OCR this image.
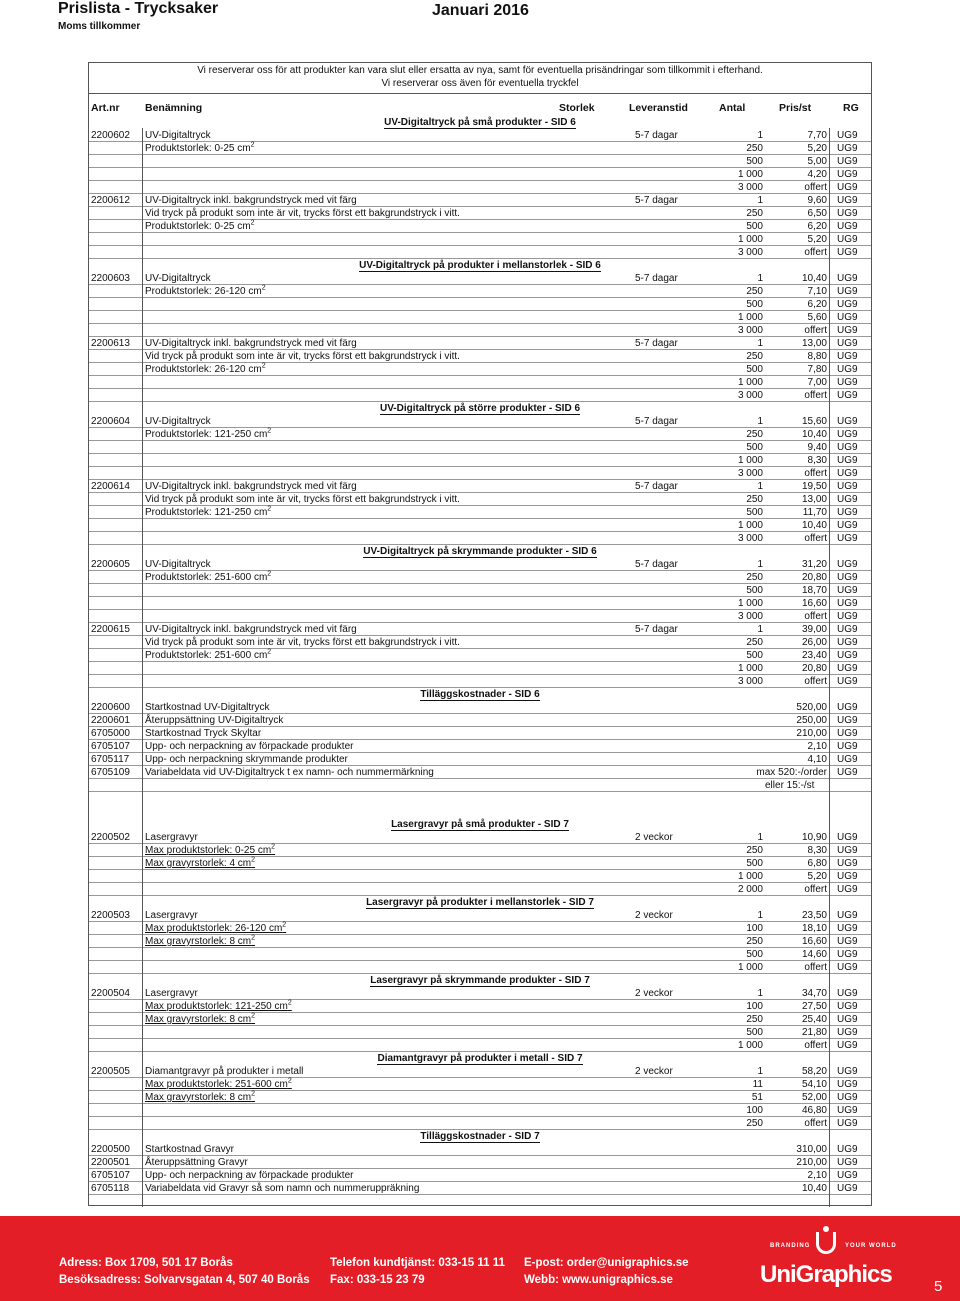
Prislista - Trycksaker
Moms tillkommer
Januari 2016
Vi reserverar oss för att produkter kan vara slut eller ersatta av nya, samt för eventuella prisändringar som tillkommit i efterhand.
Vi reserverar oss även för eventuella tryckfel
Art.nr Benämning	Storlek	Leveranstid	Antal	Pris/st	RG
UV-Digitaltryck på små produkter - SID 6
2200602 UV-Digitaltryck	5-7 dagar	1	7,70 UG9
Produktstorlek: 0-25 $cm^2$	250	5,20 UG9
500	5,00 UG9
1 000	4,20 UG9
3 000	offert UG9
2200612 UV-Digitaltryck inkl. bakgrundstryck med vit färg	5-7 dagar	1	9,60 UG9
Vid tryck på produkt som inte är vit, trycks först ett bakgrundstryck i vitt.	250	6,50 UG9
Produktstorlek: 0-25 $cm^2$	500	6,20 UG9
1 000	5,20 UG9
3 000	offert UG9
UV-Digitaltryck på produkter i mellanstorlek - SID 6
2200603 UV-Digitaltryck	5-7 dagar	1	10,40 UG9
Produktstorlek: 26-120 $cm^2$	250	7,10 UG9
500	6,20 UG9
1 000	5,60 UG9
3 000	offert UG9
2200613 UV-Digitaltryck inkl. bakgrundstryck med vit färg	5-7 dagar	1	13,00 UG9
Vid tryck på produkt som inte är vit, trycks först ett bakgrundstryck i vitt.	250	8,80 UG9
Produktstorlek: 26-120 $cm^2$	500	7,80 UG9
1 000	7,00 UG9
3 000	offert UG9
UV-Digitaltryck på större produkter - SID 6
2200604 UV-Digitaltryck	5-7 dagar	1	15,60 UG9
Produktstorlek: 121-250 $cm^2$	250	10,40 UG9
500	9,40 UG9
1 000	8,30 UG9
3 000	offert UG9
2200614 UV-Digitaltryck inkl. bakgrundstryck med vit färg	5-7 dagar	1	19,50 UG9
Vid tryck på produkt som inte är vit, trycks först ett bakgrundstryck i vitt.	250	13,00 UG9
Produktstorlek: 121-250 $cm^2$	500	11,70 UG9
1 000	10,40 UG9
3 000	offert UG9
UV-Digitaltryck på skrymmande produkter - SID 6
2200605 UV-Digitaltryck	5-7 dagar	1	31,20 UG9
Produktstorlek: 251-600 $cm^2$	250	20,80 UG9
500	18,70 UG9
1 000	16,60 UG9
3 000	offert UG9
2200615 UV-Digitaltryck inkl. bakgrundstryck med vit färg	5-7 dagar	1	39,00 UG9
Vid tryck på produkt som inte är vit, trycks först ett bakgrundstryck i vitt.	250	26,00 UG9
Produktstorlek: 251-600 $cm^2$	500	23,40 UG9
1 000	20,80 UG9
3 000	offert UG9
Tilläggskostnader - SID 6
2200600 Startkostnad UV-Digitaltryck	520,00 UG9
2200601 Återuppsättning UV-Digitaltryck	250,00 UG9
6705000 Startkostnad Tryck Skyltar	210,00 UG9
6705107 Upp- och nerpackning av förpackade produkter	2,10 UG9
6705117 Upp- och nerpackning skrymmande produkter	4,10 UG9
6705109 Variabeldata vid UV-Digitaltryck t ex namn- och nummermärkning	max 520:-/order UG9
eller 15:-/st
Lasergravyr på små produkter - SID 7
2200502 Lasergravyr	2 veckor	1	10,90 UG9
Max produktstorlek: 0-25 $cm^2$	250	8,30 UG9
Max gravyrstorlek: 4 $cm^2$	500	6,80 UG9
1 000	5,20 UG9
2 000	offert UG9
Lasergravyr på produkter i mellanstorlek - SID 7
2200503 Lasergravyr	2 veckor	1	23,50 UG9
Max produktstorlek: 26-120 $cm^2$	100	18,10 UG9
Max gravyrstorlek: 8 $cm^2$	250	16,60 UG9
500	14,60 UG9
1 000	offert UG9
Lasergravyr på skrymmande produkter - SID 7
2200504 Lasergravyr	2 veckor	1	34,70 UG9
Max produktstorlek: 121-250 $cm^2$	100	27,50 UG9
Max gravyrstorlek: 8 $cm^2$	250	25,40 UG9
500	21,80 UG9
1 000	offert UG9
Diamantgravyr på produkter i metall - SID 7
2200505 Diamantgravyr på produkter i metall	2 veckor	1	58,20 UG9
Max produktstorlek: 251-600 $cm^2$	11	54,10 UG9
Max gravyrstorlek: 8 $cm^2$	51	52,00 UG9
100	46,80 UG9
250	offert UG9
Tilläggskostnader - SID 7
2200500 Startkostnad Gravyr	310,00 UG9
2200501 Återuppsättning Gravyr	210,00 UG9
6705107 Upp- och nerpackning av förpackade produkter	2,10 UG9
6705118 Variabeldata vid Gravyr så som namn och nummeruppräkning	10,40 UG9
Adress: Box 1709, 501 17 Borås
Besöksadress: Solvarvsgatan 4, 507 40 Borås
Telefon kundtjänst: 033-15 11 11
Fax: 033-15 23 79
E-post: order@unigraphics.se
Webb: www.unigraphics.se
BRANDING	YOUR WORLD
UniGraphics	5
